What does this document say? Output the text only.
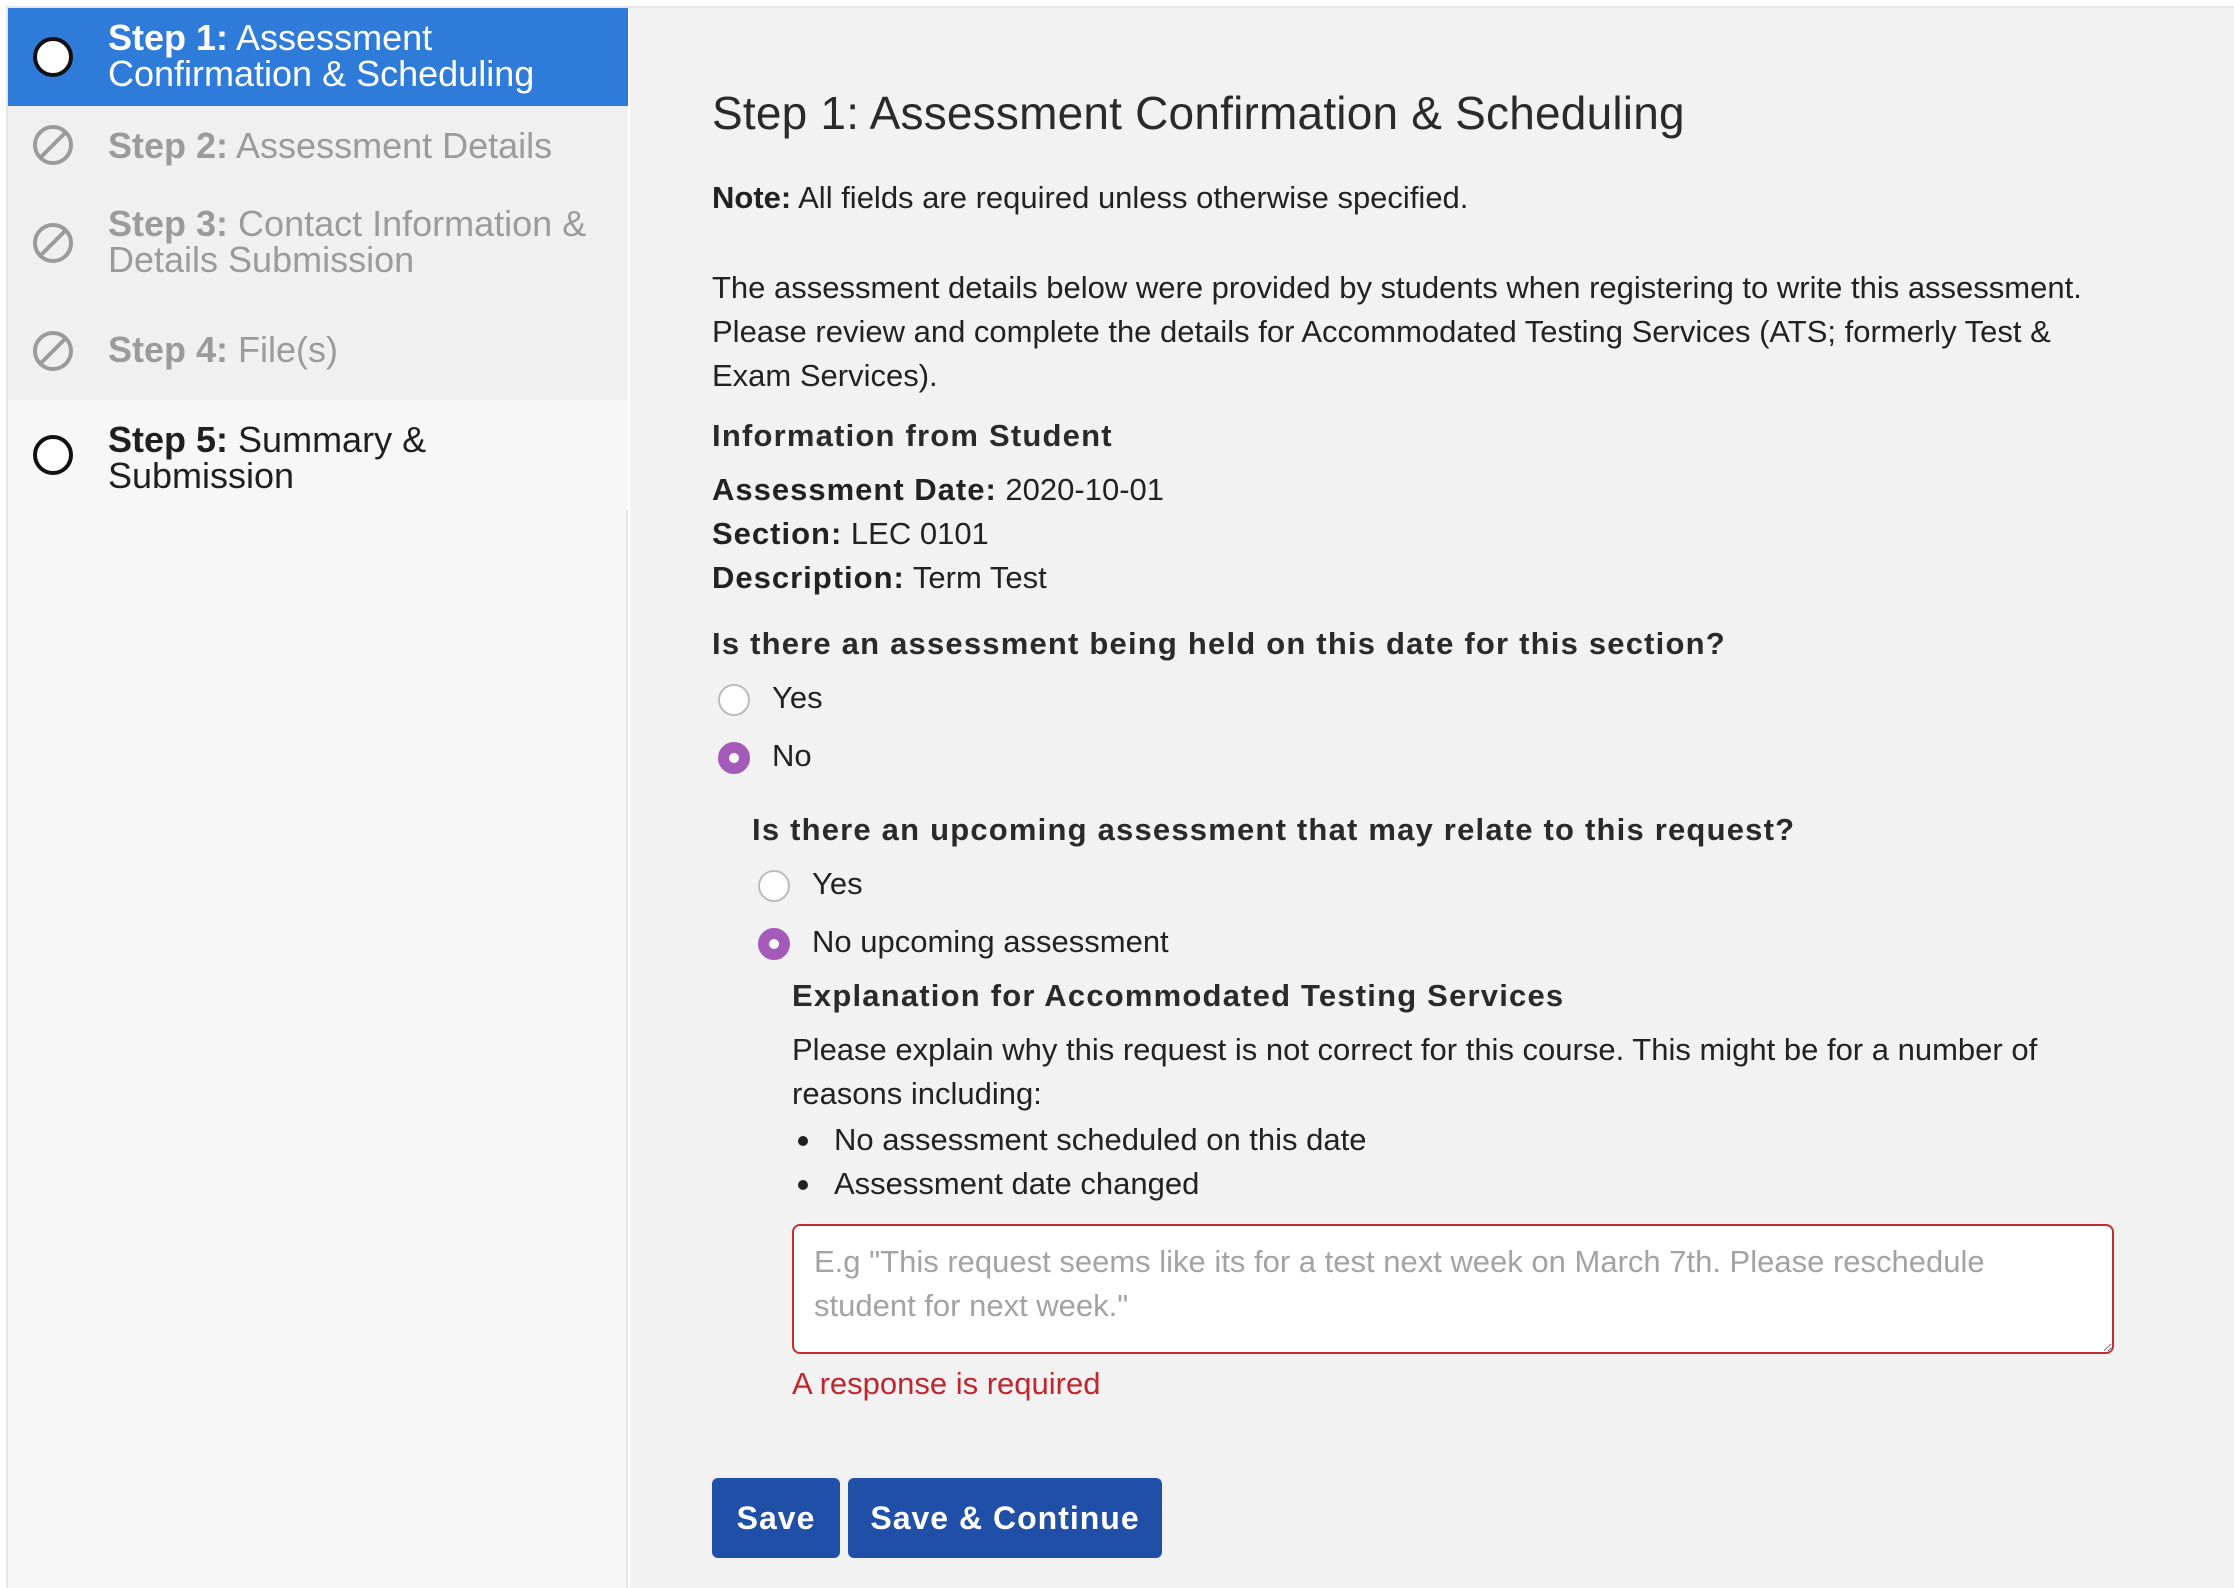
Step 1: Assessment
Confirmation & Scheduling
Step 2: Assessment Details
Step 3: Contact Information &
Details Submission
Step 4: File(s)
Step 5: Summary &
Submission
Step 1: Assessment Confirmation & Scheduling
Note: All fields are required unless otherwise specified.

The assessment details below were provided by students when registering to write this assessment. Please review and complete the details for Accommodated Testing Services (ATS; formerly Test & Exam Services).

Information from Student
Assessment Date: 2020-10-01
Section: LEC 0101
Description: Term Test
Is there an assessment being held on this date for this section?
Yes
No
Is there an upcoming assessment that may relate to this request?
Yes
No upcoming assessment
Explanation for Accommodated Testing Services
Please explain why this request is not correct for this course. This might be for a number of
reasons including:
No assessment scheduled on this date
Assessment date changed
E.g "This request seems like its for a test next week on March 7th. Please reschedule student for next week."
A response is required
Save	Save & Continue
